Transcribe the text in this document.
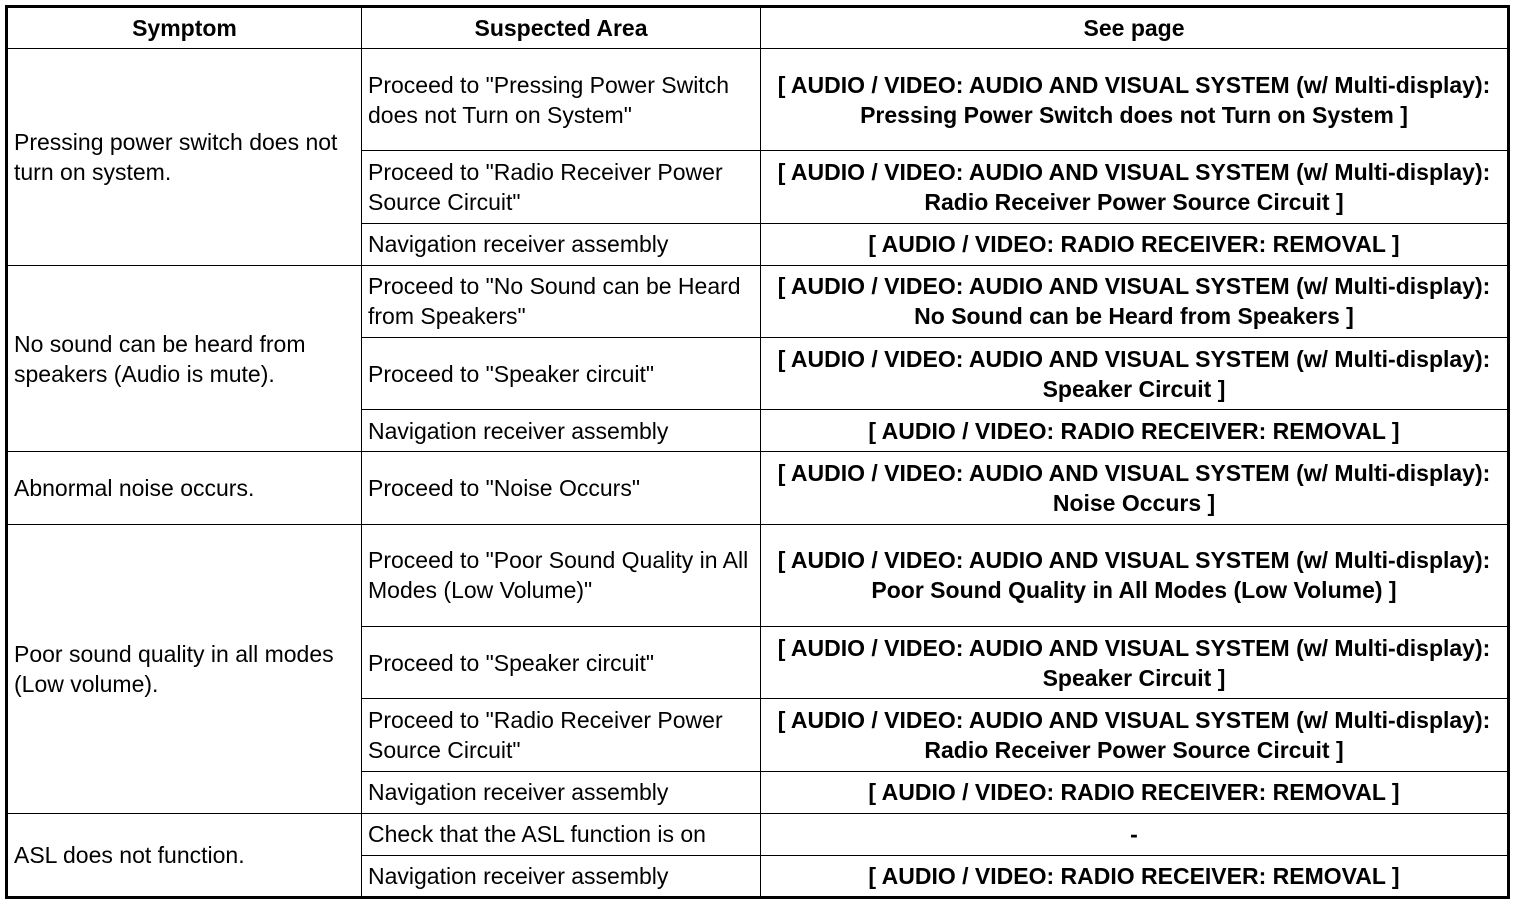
Symptom	Suspected Area	See page
Pressing power switch does not turn on system.	Proceed to "Pressing Power Switch does not Turn on System"	[ AUDIO / VIDEO: AUDIO AND VISUAL SYSTEM (w/ Multi-display): Pressing Power Switch does not Turn on System ]
	Proceed to "Radio Receiver Power Source Circuit"	[ AUDIO / VIDEO: AUDIO AND VISUAL SYSTEM (w/ Multi-display): Radio Receiver Power Source Circuit ]
	Navigation receiver assembly	[ AUDIO / VIDEO: RADIO RECEIVER: REMOVAL ]
No sound can be heard from speakers (Audio is mute).	Proceed to "No Sound can be Heard from Speakers"	[ AUDIO / VIDEO: AUDIO AND VISUAL SYSTEM (w/ Multi-display): No Sound can be Heard from Speakers ]
	Proceed to "Speaker circuit"	[ AUDIO / VIDEO: AUDIO AND VISUAL SYSTEM (w/ Multi-display): Speaker Circuit ]
	Navigation receiver assembly	[ AUDIO / VIDEO: RADIO RECEIVER: REMOVAL ]
Abnormal noise occurs.	Proceed to "Noise Occurs"	[ AUDIO / VIDEO: AUDIO AND VISUAL SYSTEM (w/ Multi-display): Noise Occurs ]
Poor sound quality in all modes (Low volume).	Proceed to "Poor Sound Quality in All Modes (Low Volume)"	[ AUDIO / VIDEO: AUDIO AND VISUAL SYSTEM (w/ Multi-display): Poor Sound Quality in All Modes (Low Volume) ]
	Proceed to "Speaker circuit"	[ AUDIO / VIDEO: AUDIO AND VISUAL SYSTEM (w/ Multi-display): Speaker Circuit ]
	Proceed to "Radio Receiver Power Source Circuit"	[ AUDIO / VIDEO: AUDIO AND VISUAL SYSTEM (w/ Multi-display): Radio Receiver Power Source Circuit ]
	Navigation receiver assembly	[ AUDIO / VIDEO: RADIO RECEIVER: REMOVAL ]
ASL does not function.	Check that the ASL function is on	-
	Navigation receiver assembly	[ AUDIO / VIDEO: RADIO RECEIVER: REMOVAL ]
